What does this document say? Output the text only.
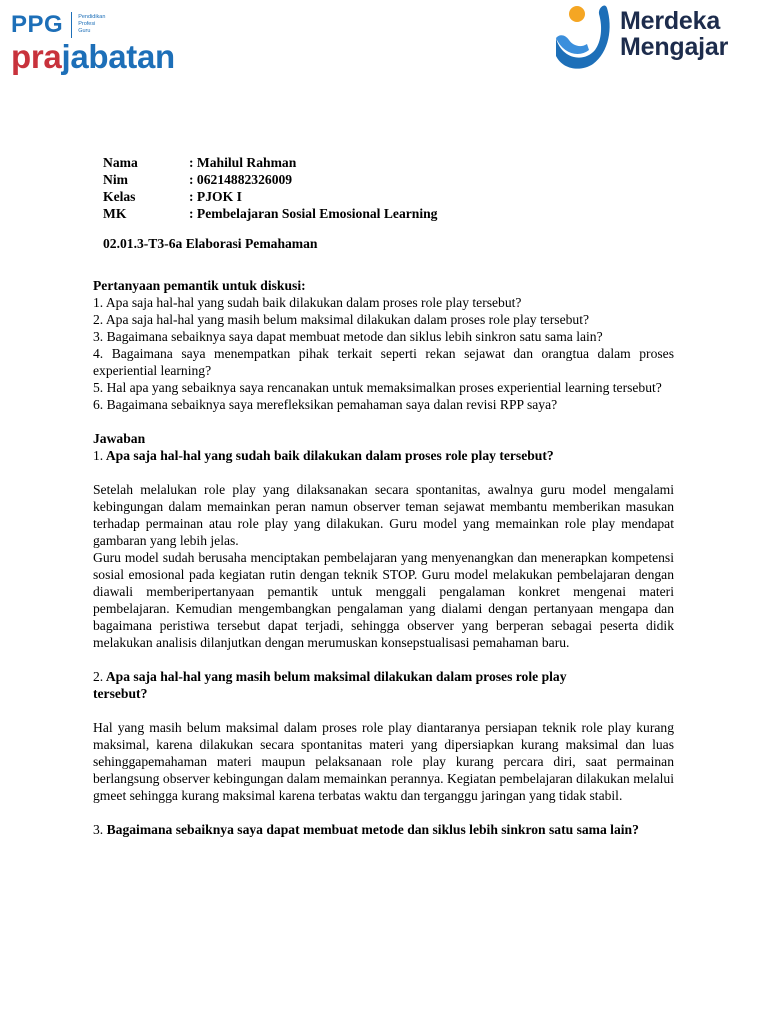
PPG	Pendidikan
Profesi
Guru
prajabatan
Merdeka
Mengajar
Nama	: Mahilul Rahman
Nim	: 06214882326009
Kelas	: PJOK I
MK	: Pembelajaran Sosial Emosional Learning
02.01.3-T3-6a Elaborasi Pemahaman
Pertanyaan pemantik untuk diskusi:

1. Apa saja hal-hal yang sudah baik dilakukan dalam proses role play tersebut?

2. Apa saja hal-hal yang masih belum maksimal dilakukan dalam proses role play tersebut?

3. Bagaimana sebaiknya saya dapat membuat metode dan siklus lebih sinkron satu sama lain?

4. Bagaimana saya menempatkan pihak terkait seperti rekan sejawat dan orangtua dalam proses experiential learning?

5. Hal apa yang sebaiknya saya rencanakan untuk memaksimalkan proses experiential learning tersebut?

6. Bagaimana sebaiknya saya merefleksikan pemahaman saya dalan revisi RPP saya?

Jawaban
1. Apa saja hal-hal yang sudah baik dilakukan dalam proses role play tersebut?

Setelah melalukan role play yang dilaksanakan secara spontanitas, awalnya guru model mengalami kebingungan dalam memainkan peran namun observer teman sejawat membantu memberikan masukan terhadap permainan atau role play yang dilakukan. Guru model yang memainkan role play mendapat gambaran yang lebih jelas.

Guru model sudah berusaha menciptakan pembelajaran yang menyenangkan dan menerapkan kompetensi sosial emosional pada kegiatan rutin dengan teknik STOP. Guru model melakukan pembelajaran dengan diawali memberipertanyaan pemantik untuk menggali pengalaman konkret mengenai materi pembelajaran. Kemudian mengembangkan pengalaman yang dialami dengan pertanyaan mengapa dan bagaimana peristiwa tersebut dapat terjadi, sehingga observer yang berperan sebagai peserta didik melakukan analisis dilanjutkan dengan merumuskan konsepstualisasi pemahaman baru.

2. Apa saja hal-hal yang masih belum maksimal dilakukan dalam proses role play tersebut?

Hal yang masih belum maksimal dalam proses role play diantaranya persiapan teknik role play kurang maksimal, karena dilakukan secara spontanitas materi yang dipersiapkan kurang maksimal dan luas sehinggapemahaman materi maupun pelaksanaan role play kurang percara diri, saat permainan berlangsung observer kebingungan dalam memainkan perannya. Kegiatan pembelajaran dilakukan melalui gmeet sehingga kurang maksimal karena terbatas waktu dan terganggu jaringan yang tidak stabil.

3. Bagaimana sebaiknya saya dapat membuat metode dan siklus lebih sinkron satu sama lain?
